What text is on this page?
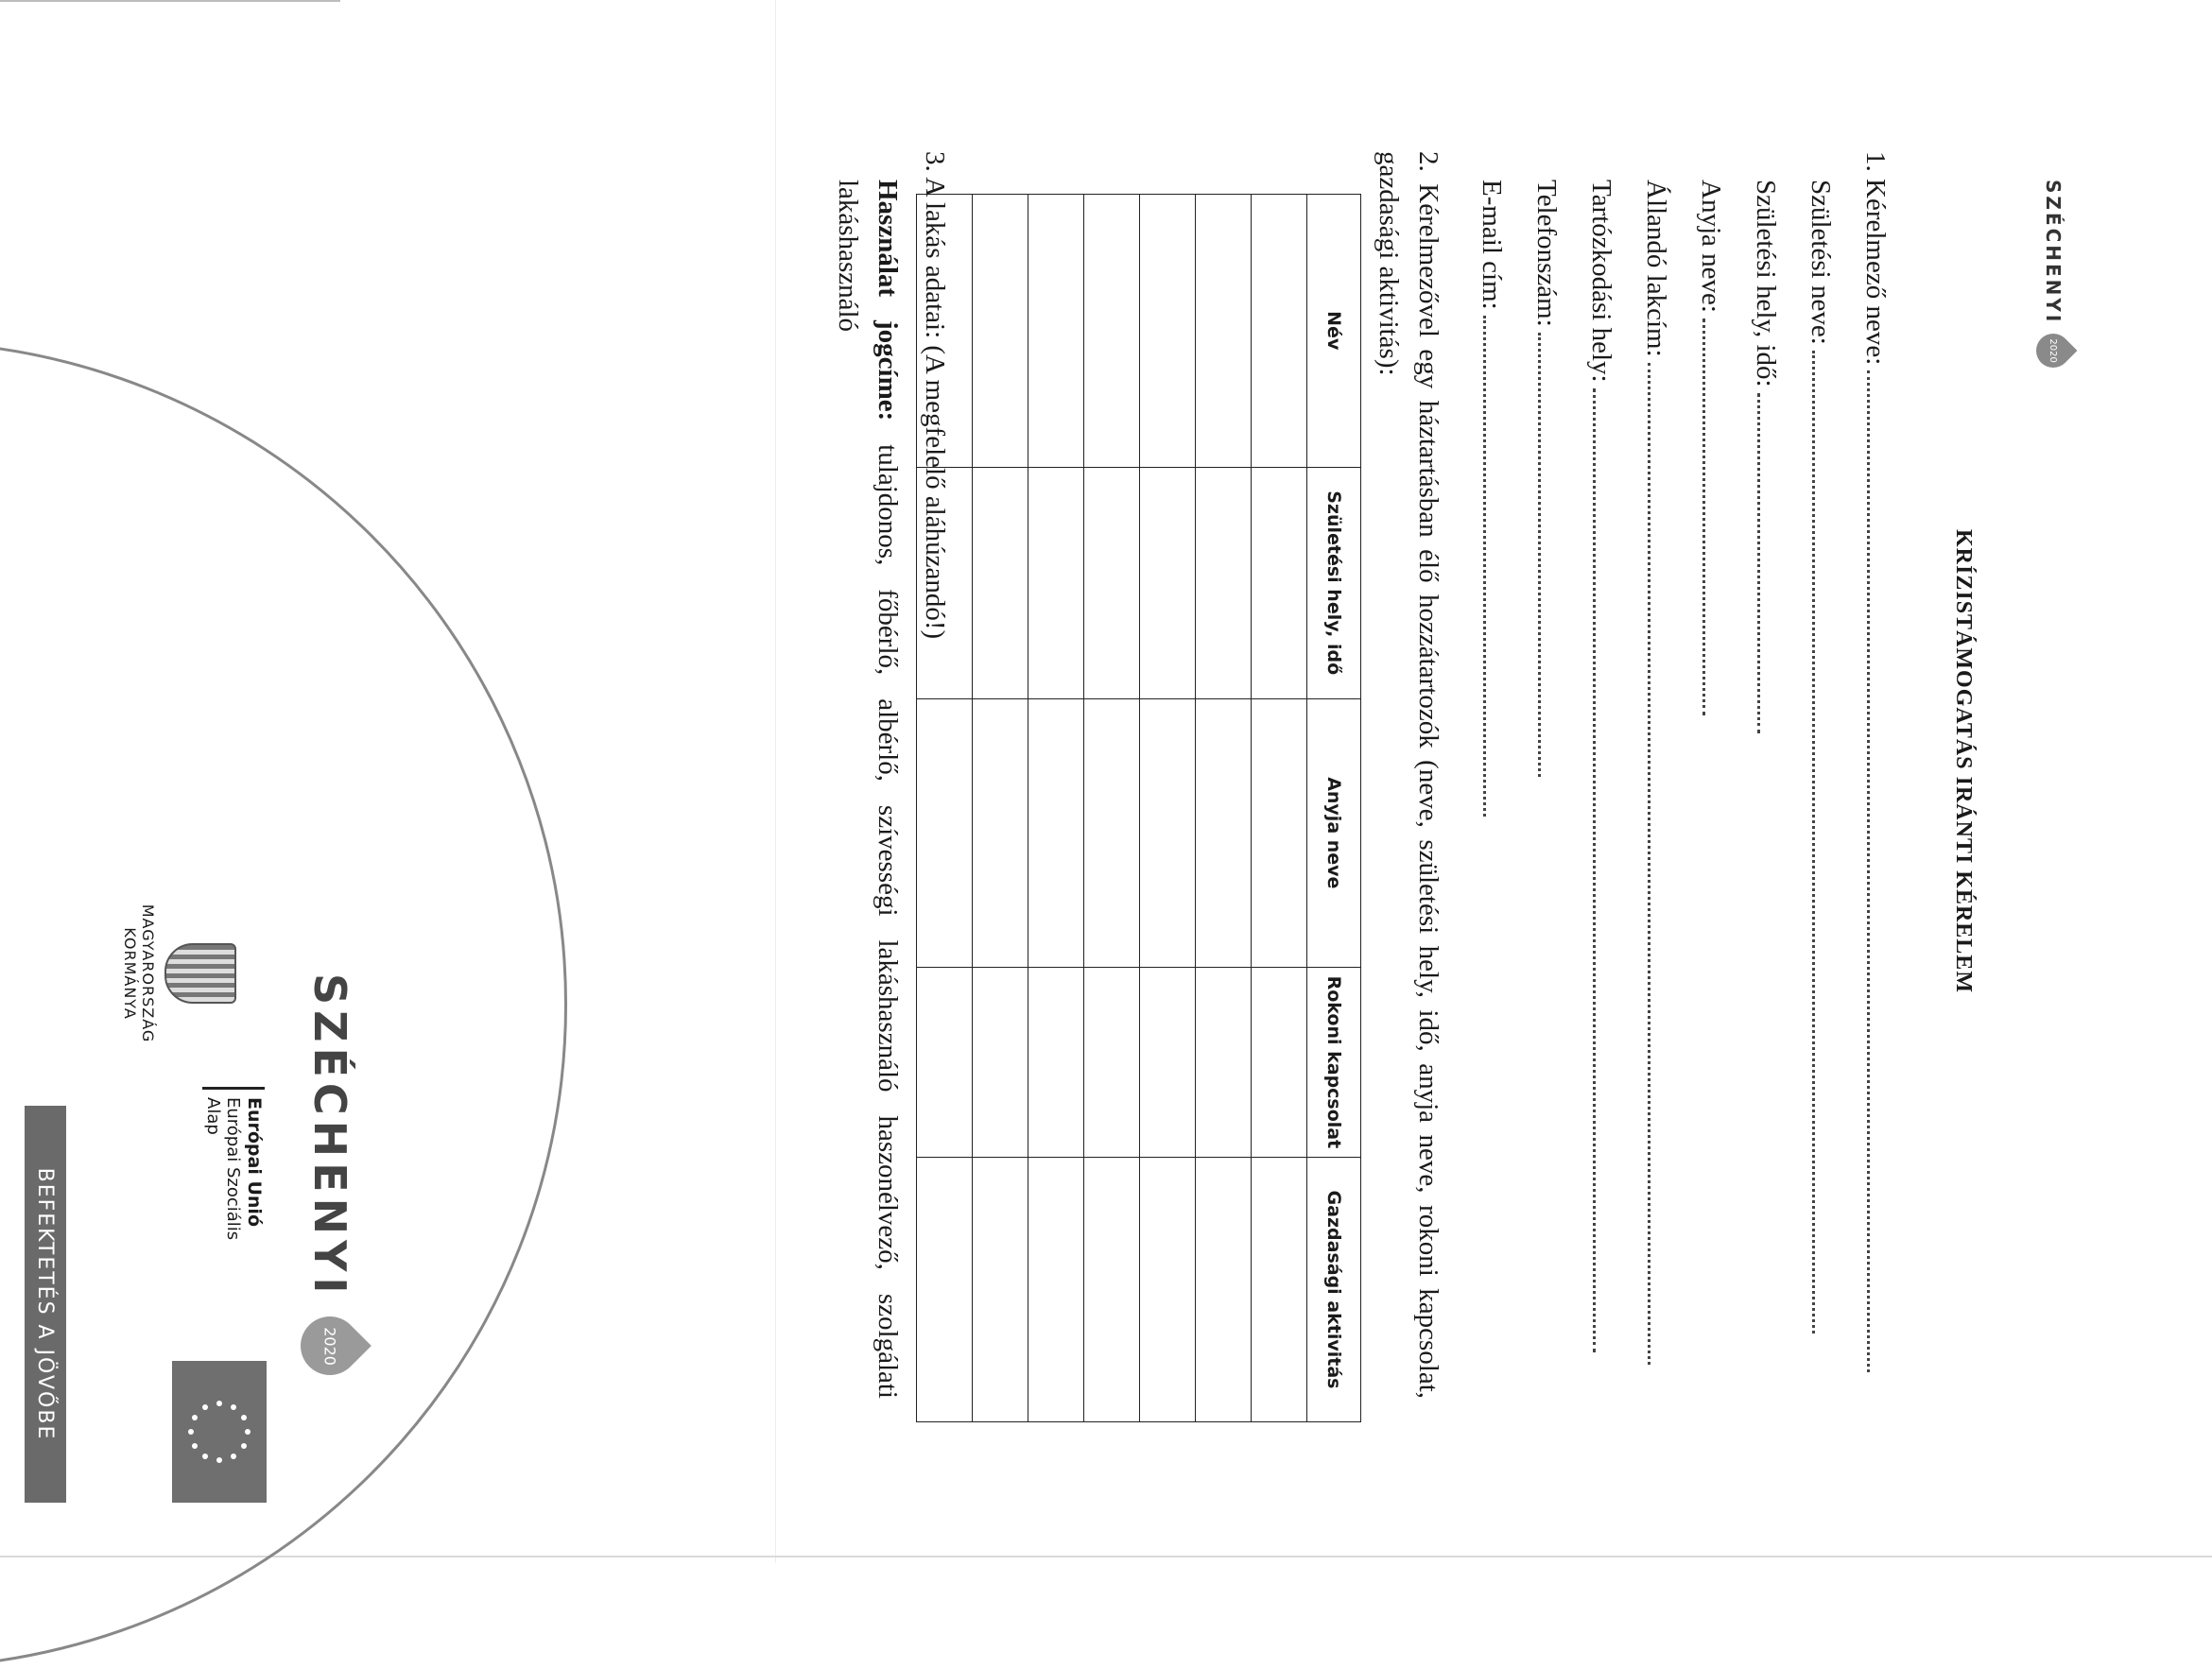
SZÉCHENYI
2020
KRÍZISTÁMOGATÁS IRÁNTI KÉRELEM
1. Kérelmező neve:
Születési neve:
Születési hely, idő:
Anyja neve:
Állandó lakcím:
Tartózkodási hely:
Telefonszám:
E-mail cím:
2. Kérelmezővel egy háztartásban élő hozzátartozók (neve, születési hely, idő, anyja neve, rokoni kapcsolat, gazdasági aktivitás):
Név	Születési hely, idő	Anyja neve	Rokoni kapcsolat	Gazdasági aktivitás

3. A lakás adatai: (A megfelelő aláhúzandó!)
Használat jogcíme: tulajdonos, főbérlő, albérlő, szívességi lakáshasználó haszonélvező, szolgálati lakáshasználó
SZÉCHENYI
2020
Európai Unió
Európai Szociális
Alap
MAGYARORSZÁG
KORMÁNYA
BEFEKTETÉS A JÖVŐBE
